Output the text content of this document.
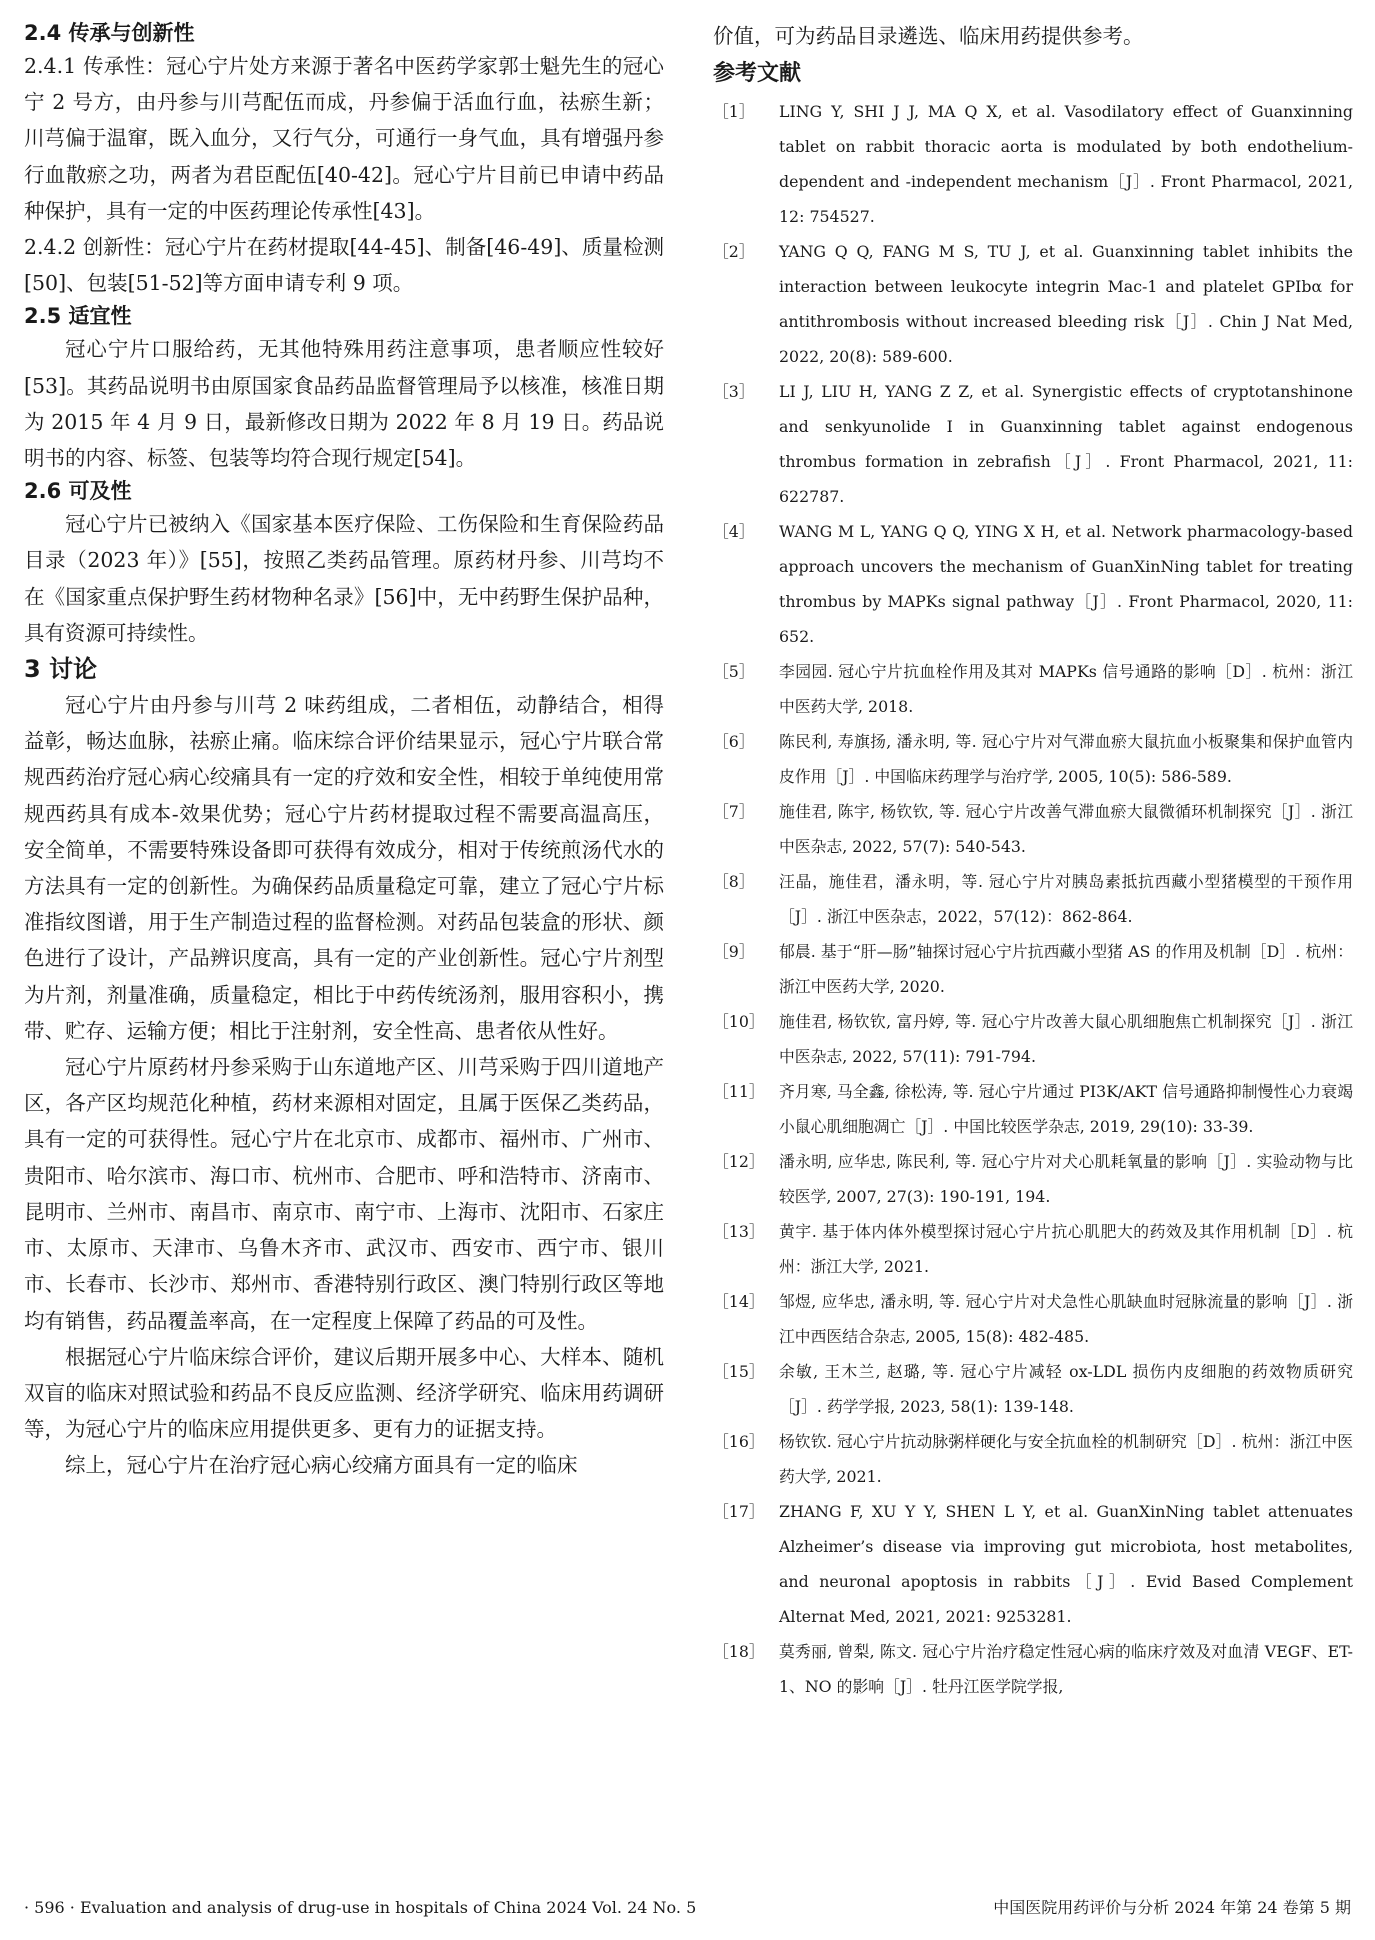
2.4 传承与创新性

2.4.1 传承性：冠心宁片处方来源于著名中医药学家郭士魁先生的冠心宁 2 号方，由丹参与川芎配伍而成，丹参偏于活血行血，祛瘀生新；川芎偏于温窜，既入血分，又行气分，可通行一身气血，具有增强丹参行血散瘀之功，两者为君臣配伍[40-42]。冠心宁片目前已申请中药品种保护，具有一定的中医药理论传承性[43]。

2.4.2 创新性：冠心宁片在药材提取[44-45]、制备[46-49]、质量检测[50]、包装[51-52]等方面申请专利 9 项。

2.5 适宜性

冠心宁片口服给药，无其他特殊用药注意事项，患者顺应性较好[53]。其药品说明书由原国家食品药品监督管理局予以核准，核准日期为 2015 年 4 月 9 日，最新修改日期为 2022 年 8 月 19 日。药品说明书的内容、标签、包装等均符合现行规定[54]。

2.6 可及性

冠心宁片已被纳入《国家基本医疗保险、工伤保险和生育保险药品目录（2023 年）》[55]，按照乙类药品管理。原药材丹参、川芎均不在《国家重点保护野生药材物种名录》[56]中，无中药野生保护品种，具有资源可持续性。

3 讨论

冠心宁片由丹参与川芎 2 味药组成，二者相伍，动静结合，相得益彰，畅达血脉，祛瘀止痛。临床综合评价结果显示，冠心宁片联合常规西药治疗冠心病心绞痛具有一定的疗效和安全性，相较于单纯使用常规西药具有成本-效果优势；冠心宁片药材提取过程不需要高温高压，安全简单，不需要特殊设备即可获得有效成分，相对于传统煎汤代水的方法具有一定的创新性。为确保药品质量稳定可靠，建立了冠心宁片标准指纹图谱，用于生产制造过程的监督检测。对药品包装盒的形状、颜色进行了设计，产品辨识度高，具有一定的产业创新性。冠心宁片剂型为片剂，剂量准确，质量稳定，相比于中药传统汤剂，服用容积小，携带、贮存、运输方便；相比于注射剂，安全性高、患者依从性好。

冠心宁片原药材丹参采购于山东道地产区、川芎采购于四川道地产区，各产区均规范化种植，药材来源相对固定，且属于医保乙类药品，具有一定的可获得性。冠心宁片在北京市、成都市、福州市、广州市、贵阳市、哈尔滨市、海口市、杭州市、合肥市、呼和浩特市、济南市、昆明市、兰州市、南昌市、南京市、南宁市、上海市、沈阳市、石家庄市、太原市、天津市、乌鲁木齐市、武汉市、西安市、西宁市、银川市、长春市、长沙市、郑州市、香港特别行政区、澳门特别行政区等地均有销售，药品覆盖率高，在一定程度上保障了药品的可及性。

根据冠心宁片临床综合评价，建议后期开展多中心、大样本、随机双盲的临床对照试验和药品不良反应监测、经济学研究、临床用药调研等，为冠心宁片的临床应用提供更多、更有力的证据支持。

综上，冠心宁片在治疗冠心病心绞痛方面具有一定的临床

价值，可为药品目录遴选、临床用药提供参考。

参考文献

［1］	LING Y, SHI J J, MA Q X, et al. Vasodilatory effect of Guanxinning tablet on rabbit thoracic aorta is modulated by both endothelium-dependent and -independent mechanism［J］. Front Pharmacol, 2021, 12: 754527.
［2］	YANG Q Q, FANG M S, TU J, et al. Guanxinning tablet inhibits the interaction between leukocyte integrin Mac-1 and platelet GPIbα for antithrombosis without increased bleeding risk［J］. Chin J Nat Med, 2022, 20(8): 589-600.
［3］	LI J, LIU H, YANG Z Z, et al. Synergistic effects of cryptotanshinone and senkyunolide I in Guanxinning tablet against endogenous thrombus formation in zebrafish［J］. Front Pharmacol, 2021, 11: 622787.
［4］	WANG M L, YANG Q Q, YING X H, et al. Network pharmacology-based approach uncovers the mechanism of GuanXinNing tablet for treating thrombus by MAPKs signal pathway［J］. Front Pharmacol, 2020, 11: 652.
［5］	李园园. 冠心宁片抗血栓作用及其对 MAPKs 信号通路的影响［D］. 杭州：浙江中医药大学, 2018.
［6］	陈民利, 寿旗扬, 潘永明, 等. 冠心宁片对气滞血瘀大鼠抗血小板聚集和保护血管内皮作用［J］. 中国临床药理学与治疗学, 2005, 10(5): 586-589.
［7］	施佳君, 陈宇, 杨钦钦, 等. 冠心宁片改善气滞血瘀大鼠微循环机制探究［J］. 浙江中医杂志, 2022, 57(7): 540-543.
［8］	汪晶，施佳君，潘永明，等. 冠心宁片对胰岛素抵抗西藏小型猪模型的干预作用［J］. 浙江中医杂志，2022，57(12)：862-864.
［9］	郁晨. 基于“肝—肠”轴探讨冠心宁片抗西藏小型猪 AS 的作用及机制［D］. 杭州：浙江中医药大学, 2020.
［10］ 施佳君, 杨钦钦, 富丹婷, 等. 冠心宁片改善大鼠心肌细胞焦亡机制探究［J］. 浙江中医杂志, 2022, 57(11): 791-794.
［11］ 齐月寒, 马全鑫, 徐松涛, 等. 冠心宁片通过 PI3K/AKT 信号通路抑制慢性心力衰竭小鼠心肌细胞凋亡［J］. 中国比较医学杂志, 2019, 29(10): 33-39.
［12］ 潘永明, 应华忠, 陈民利, 等. 冠心宁片对犬心肌耗氧量的影响［J］. 实验动物与比较医学, 2007, 27(3): 190-191, 194.
［13］ 黄宇. 基于体内体外模型探讨冠心宁片抗心肌肥大的药效及其作用机制［D］. 杭州：浙江大学, 2021.
［14］ 邹煜, 应华忠, 潘永明, 等. 冠心宁片对犬急性心肌缺血时冠脉流量的影响［J］. 浙江中西医结合杂志, 2005, 15(8): 482-485.
［15］ 余敏, 王木兰, 赵璐, 等. 冠心宁片减轻 ox-LDL 损伤内皮细胞的药效物质研究［J］. 药学学报, 2023, 58(1): 139-148.
［16］ 杨钦钦. 冠心宁片抗动脉粥样硬化与安全抗血栓的机制研究［D］. 杭州：浙江中医药大学, 2021.
［17］ ZHANG F, XU Y Y, SHEN L Y, et al. GuanXinNing tablet attenuates Alzheimer’s disease via improving gut microbiota, host metabolites, and neuronal apoptosis in rabbits［J］. Evid Based Complement Alternat Med, 2021, 2021: 9253281.
［18］ 莫秀丽, 曾梨, 陈文. 冠心宁片治疗稳定性冠心病的临床疗效及对血清 VEGF、ET-1、NO 的影响［J］. 牡丹江医学院学报,
· 596 · Evaluation and analysis of drug-use in hospitals of China 2024 Vol. 24 No. 5	中国医院用药评价与分析 2024 年第 24 卷第 5 期
